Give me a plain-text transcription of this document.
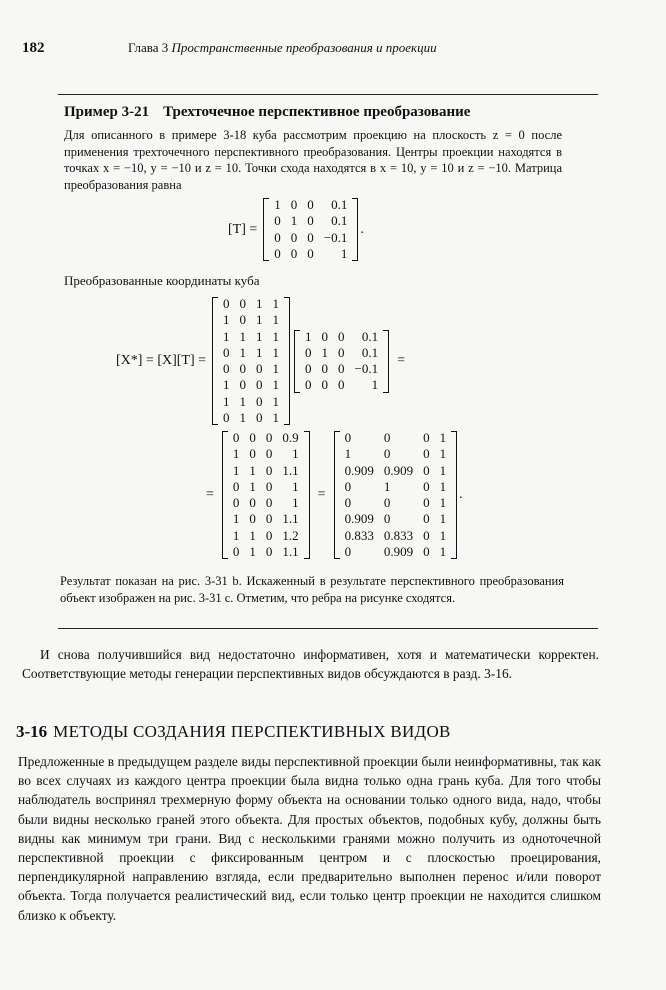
182	Глава 3 Пространственные преобразования и проекции
Пример 3-21 Трехточечное перспективное преобразование

Для описанного в примере 3-18 куба рассмотрим проекцию на плоскость z = 0 после применения трехточечного перспективного преобразования. Центры проекции находятся в точках x = −10, y = −10 и z = 10. Точки схода находятся в x = 10, y = 10 и z = −10. Матрица преобразования равна

[T] =
1	0	0	0.1
0	1	0	0.1
0	0	0	−0.1
0	0	0	1
.
Преобразованные координаты куба
[X*] = [X][T] =
0	0	1	1
1	0	1	1
1	1	1	1
0	1	1	1
0	0	0	1
1	0	0	1
1	1	0	1
0	1	0	1
1	0	0	0.1
0	1	0	0.1
0	0	0	−0.1
0	0	0	1
=
=
0	0	0	0.9
1	0	0	1
1	1	0	1.1
0	1	0	1
0	0	0	1
1	0	0	1.1
1	1	0	1.2
0	1	0	1.1
=
0	0	0	1
1	0	0	1
0.909	0.909	0	1
0	1	0	1
0	0	0	1
0.909	0	0	1
0.833	0.833	0	1
0	0.909	0	1
.

Результат показан на рис. 3-31 b. Искаженный в результате перспективного преобразования объект изображен на рис. 3-31 c. Отметим, что ребра на рисунке сходятся.

И снова получившийся вид недостаточно информативен, хотя и математически корректен. Соответствующие методы генерации перспективных видов обсуждаются в разд. 3-16.

3-16 МЕТОДЫ СОЗДАНИЯ ПЕРСПЕКТИВНЫХ ВИДОВ

Предложенные в предыдущем разделе виды перспективной проекции были неинформативны, так как во всех случаях из каждого центра проекции была видна только одна грань куба. Для того чтобы наблюдатель воспринял трехмерную форму объекта на основании только одного вида, надо, чтобы были видны несколько граней этого объекта. Для простых объектов, подобных кубу, должны быть видны как минимум три грани. Вид с несколькими гранями можно получить из одноточечной перспективной проекции с фиксированным центром и с плоскостью проецирования, перпендикулярной направлению взгляда, если предварительно выполнен перенос и/или поворот объекта. Тогда получается реалистический вид, если только центр проекции не находится слишком близко к объекту.
